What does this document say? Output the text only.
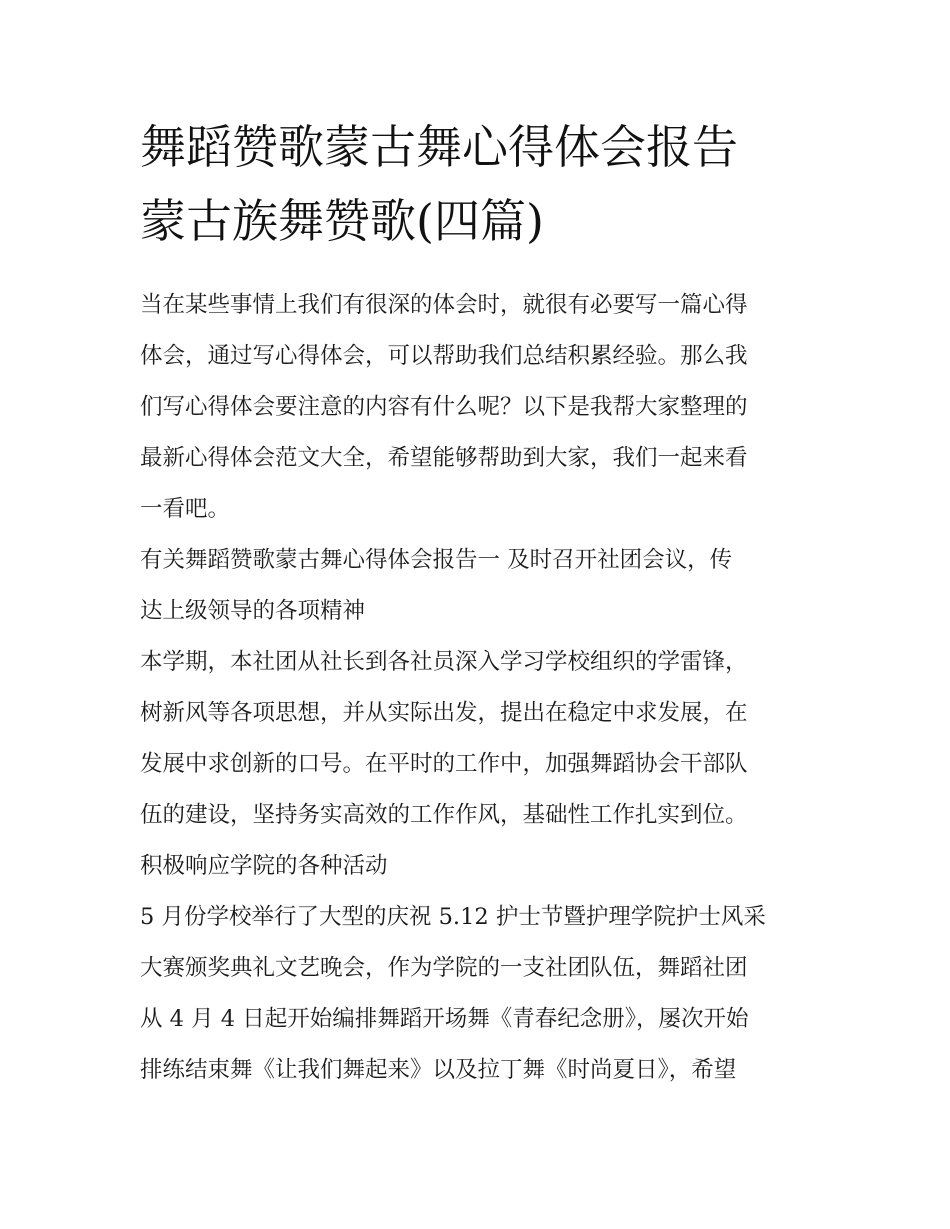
舞蹈赞歌蒙古舞心得体会报告
蒙古族舞赞歌(四篇)
当在某些事情上我们有很深的体会时，就很有必要写一篇心得
体会，通过写心得体会，可以帮助我们总结积累经验。那么我
们写心得体会要注意的内容有什么呢？以下是我帮大家整理的
最新心得体会范文大全，希望能够帮助到大家，我们一起来看
一看吧。
有关舞蹈赞歌蒙古舞心得体会报告一 及时召开社团会议，传
达上级领导的各项精神
本学期，本社团从社长到各社员深入学习学校组织的学雷锋，
树新风等各项思想，并从实际出发，提出在稳定中求发展，在
发展中求创新的口号。在平时的工作中，加强舞蹈协会干部队
伍的建设，坚持务实高效的工作作风，基础性工作扎实到位。
积极响应学院的各种活动
5 月份学校举行了大型的庆祝 5.12 护士节暨护理学院护士风采
大赛颁奖典礼文艺晚会，作为学院的一支社团队伍，舞蹈社团
从 4 月 4 日起开始编排舞蹈开场舞《青春纪念册》，屡次开始
排练结束舞《让我们舞起来》以及拉丁舞《时尚夏日》，希望
